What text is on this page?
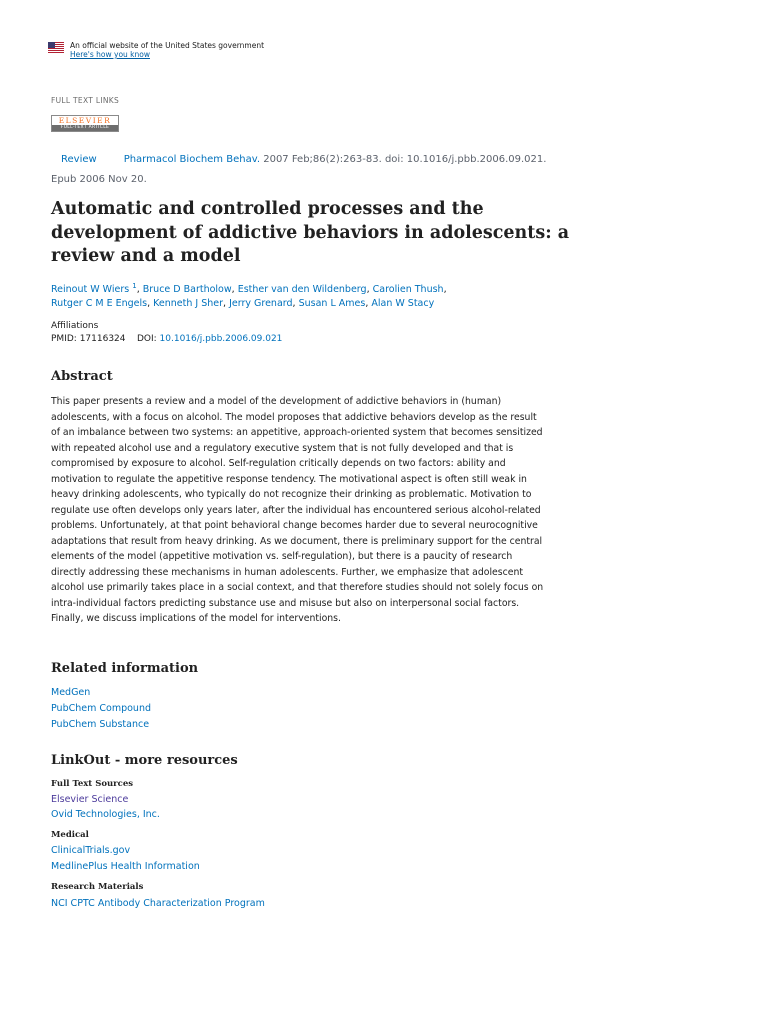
An official website of the United States government
Here's how you know
FULL TEXT LINKS
ELSEVIER
FULL-TEXT ARTICLE
Review	Pharmacol Biochem Behav. 2007 Feb;86(2):263-83. doi: 10.1016/j.pbb.2006.09.021.
Epub 2006 Nov 20.
Automatic and controlled processes and the development of addictive behaviors in adolescents: a review and a model
Reinout W Wiers $^1$, Bruce D Bartholow, Esther van den Wildenberg, Carolien Thush,
Rutger C M E Engels, Kenneth J Sher, Jerry Grenard, Susan L Ames, Alan W Stacy
Affiliations
PMID: 17116324 DOI: 10.1016/j.pbb.2006.09.021
Abstract

This paper presents a review and a model of the development of addictive behaviors in (human) adolescents, with a focus on alcohol. The model proposes that addictive behaviors develop as the result of an imbalance between two systems: an appetitive, approach-oriented system that becomes sensitized with repeated alcohol use and a regulatory executive system that is not fully developed and that is compromised by exposure to alcohol. Self-regulation critically depends on two factors: ability and motivation to regulate the appetitive response tendency. The motivational aspect is often still weak in heavy drinking adolescents, who typically do not recognize their drinking as problematic. Motivation to regulate use often develops only years later, after the individual has encountered serious alcohol-related problems. Unfortunately, at that point behavioral change becomes harder due to several neurocognitive adaptations that result from heavy drinking. As we document, there is preliminary support for the central elements of the model (appetitive motivation vs. self-regulation), but there is a paucity of research directly addressing these mechanisms in human adolescents. Further, we emphasize that adolescent alcohol use primarily takes place in a social context, and that therefore studies should not solely focus on intra-individual factors predicting substance use and misuse but also on interpersonal social factors. Finally, we discuss implications of the model for interventions.

Related information
MedGen
PubChem Compound
PubChem Substance
LinkOut - more resources
Full Text Sources
Elsevier Science
Ovid Technologies, Inc.
Medical
ClinicalTrials.gov
MedlinePlus Health Information
Research Materials
NCI CPTC Antibody Characterization Program
